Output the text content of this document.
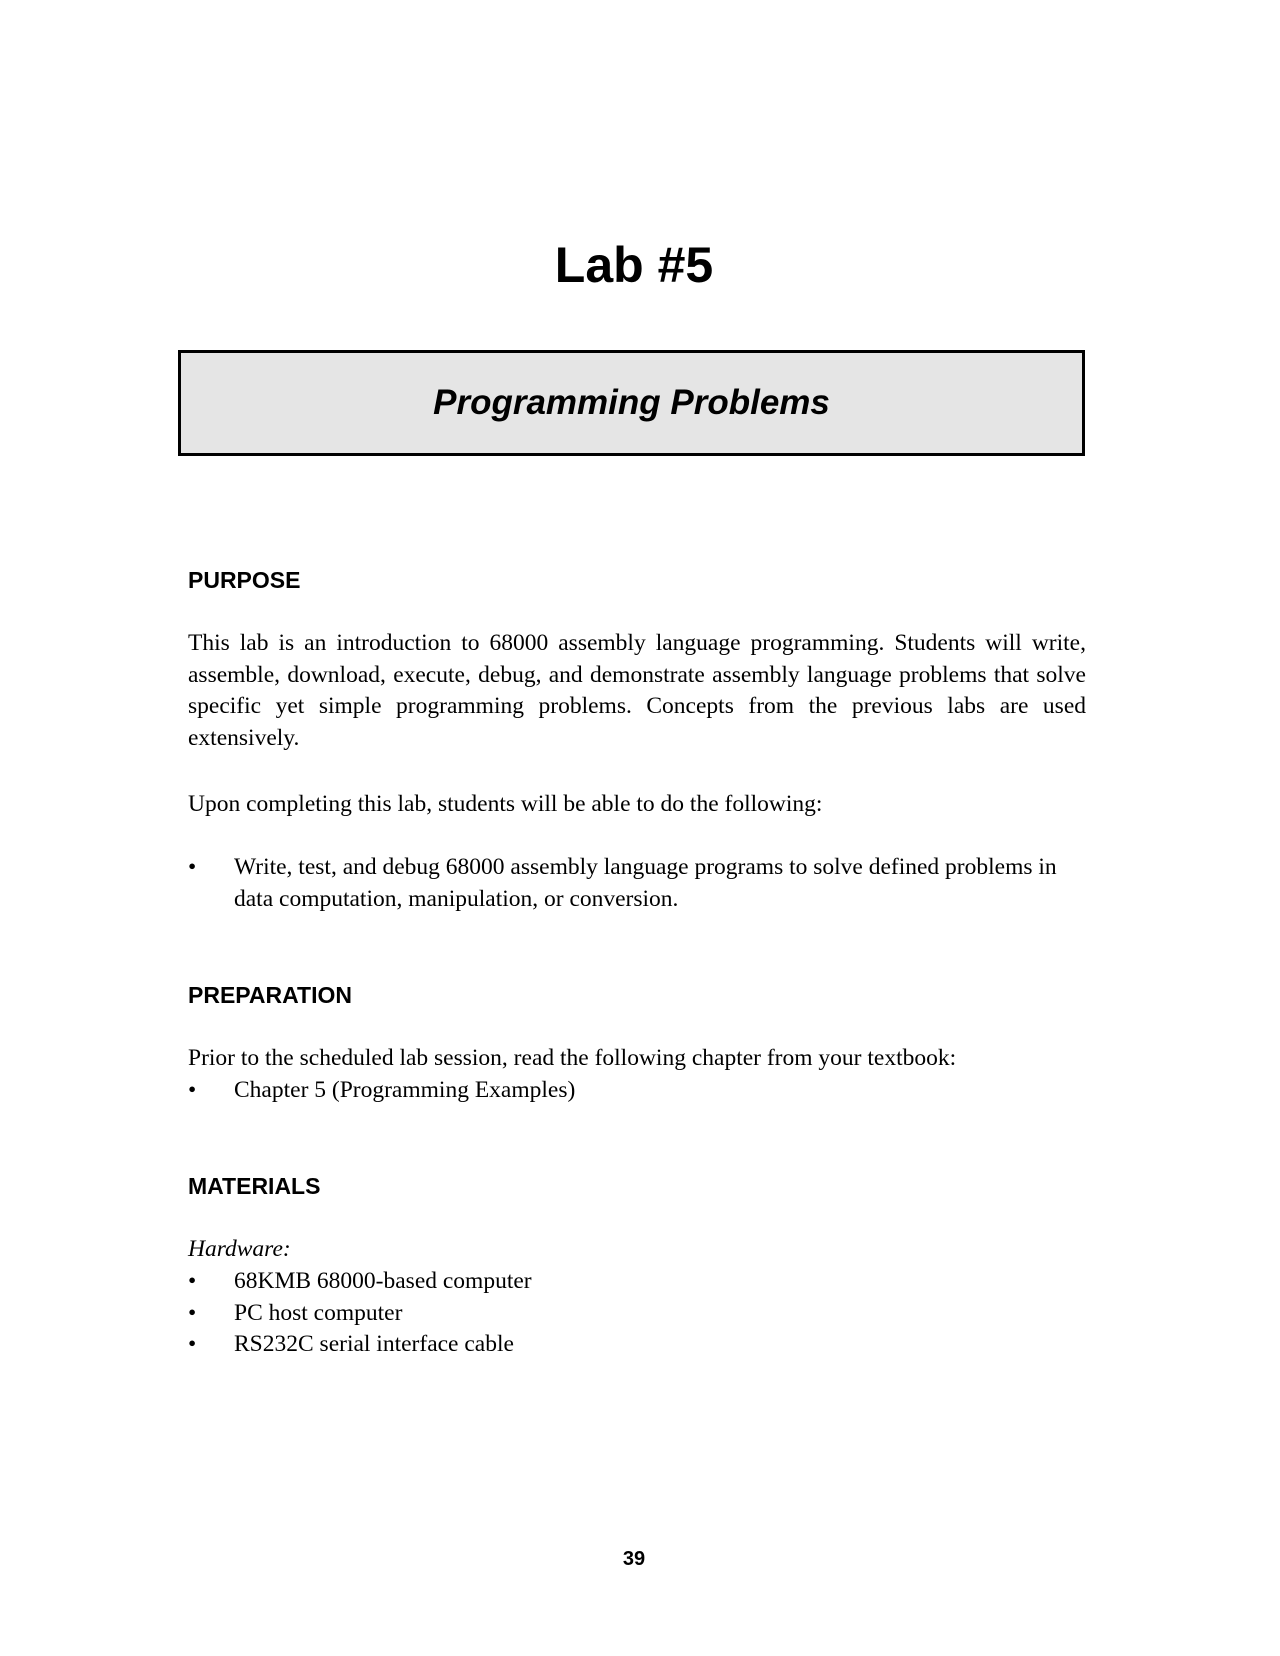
Lab #5
Programming Problems
PURPOSE

This lab is an introduction to 68000 assembly language programming. Students will write, assemble, download, execute, debug, and demonstrate assembly language problems that solve specific yet simple programming problems. Concepts from the previous labs are used extensively.

Upon completing this lab, students will be able to do the following:

• Write, test, and debug 68000 assembly language programs to solve defined problems in data computation, manipulation, or conversion.
PREPARATION

Prior to the scheduled lab session, read the following chapter from your textbook:

• Chapter 5 (Programming Examples)
MATERIALS

Hardware:

• 68KMB 68000-based computer
• PC host computer
• RS232C serial interface cable

39
